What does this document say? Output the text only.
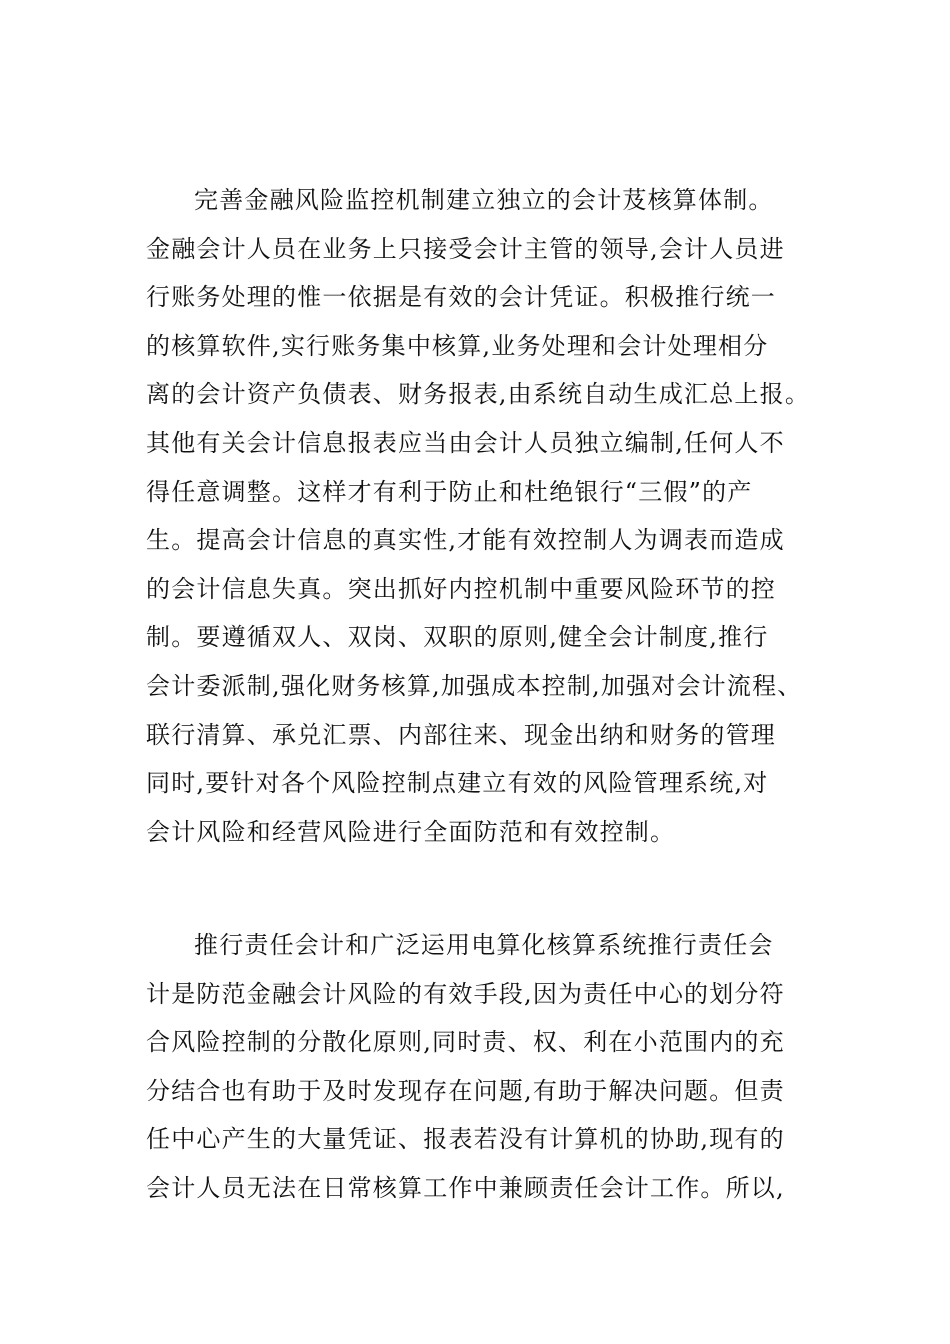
完善金融风险监控机制建立独立的会计芨核算体制。
金融会计人员在业务上只接受会计主管的领导,会计人员进
行账务处理的惟一依据是有效的会计凭证。积极推行统一
的核算软件,实行账务集中核算,业务处理和会计处理相分
离的会计资产负债表、财务报表,由系统自动生成汇总上报。
其他有关会计信息报表应当由会计人员独立编制,任何人不
得任意调整。这样才有利于防止和杜绝银行“三假”的产
生。提高会计信息的真实性,才能有效控制人为调表而造成
的会计信息失真。突出抓好内控机制中重要风险环节的控
制。要遵循双人、双岗、双职的原则,健全会计制度,推行
会计委派制,强化财务核算,加强成本控制,加强对会计流程、
联行清算、承兑汇票、内部往来、现金出纳和财务的管理
同时,要针对各个风险控制点建立有效的风险管理系统,对
会计风险和经营风险进行全面防范和有效控制。
推行责任会计和广泛运用电算化核算系统推行责任会
计是防范金融会计风险的有效手段,因为责任中心的划分符
合风险控制的分散化原则,同时责、权、利在小范围内的充
分结合也有助于及时发现存在问题,有助于解决问题。但责
任中心产生的大量凭证、报表若没有计算机的协助,现有的
会计人员无法在日常核算工作中兼顾责任会计工作。所以,
